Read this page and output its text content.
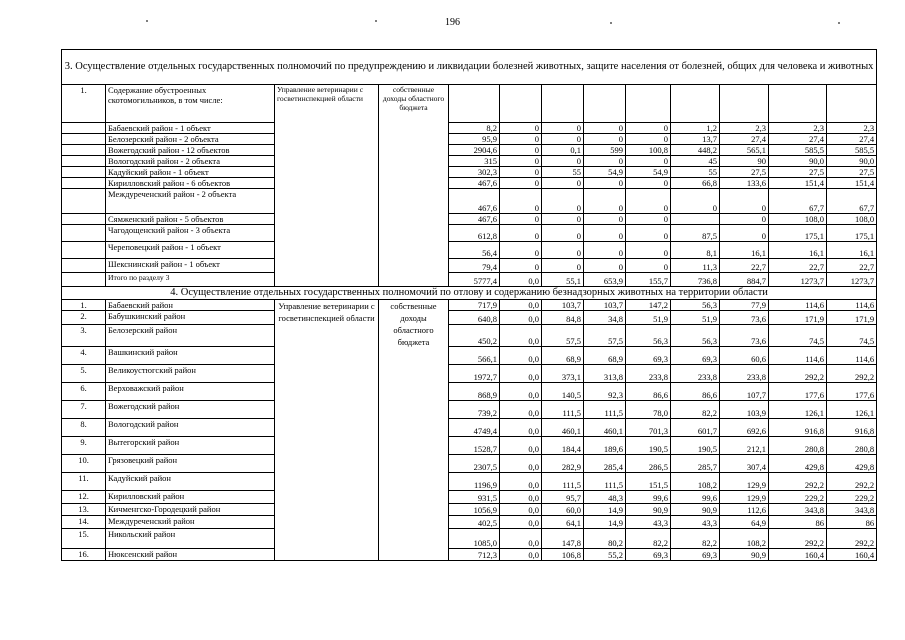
196
3. Осуществление отдельных государственных полномочий по предупреждению и ликвидации болезней животных, защите населения от болезней, общих для человека и животных												
1.	Содержание обустроенных скотомогильников, в том числе:	Управление ветеринарии с госветинспекцией области	собственные доходы областного бюджета									
	Бабаевский район - 1 объект			8,2	0	0	0	0	1,2	2,3	2,3	2,3
	Белозерский район - 2 объекта			95,9	0	0	0	0	13,7	27,4	27,4	27,4
	Вожегодский район - 12 объектов			2904,6	0	0,1	599	100,8	448,2	565,1	585,5	585,5
	Вологодский район - 2 объекта			315	0	0	0	0	45	90	90,0	90,0
	Кадуйский район - 1 объект			302,3	0	55	54,9	54,9	55	27,5	27,5	27,5
	Кирилловский район - 6 объектов			467,6	0	0	0	0	66,8	133,6	151,4	151,4
	Междуреченский район - 2 объекта			467,6	0	0	0	0	0	0	67,7	67,7
	Сямженский район - 5 объектов			467,6	0	0	0	0		0	108,0	108,0
	Чагодощенский район - 3 объекта			612,8	0	0	0	0	87,5	0	175,1	175,1
	Череповецкий район - 1 объект			56,4	0	0	0	0	8,1	16,1	16,1	16,1
	Шекснинский район - 1 объект			79,4	0	0	0	0	11,3	22,7	22,7	22,7
	Итого по разделу 3			5777,4	0,0	55,1	653,9	155,7	736,8	884,7	1273,7	1273,7
4. Осуществление отдельных государственных полномочий по отлову и содержанию безнадзорных животных на территории области												
1.	Бабаевский район	Управление ветеринарии с госветинспекцией области	собственные доходы областного бюджета	717,9	0,0	103,7	103,7	147,2	56,3	77,9	114,6	114,6
2.	Бабушкинский район			640,8	0,0	84,8	34,8	51,9	51,9	73,6	171,9	171,9
3.	Белозерский район			450,2	0,0	57,5	57,5	56,3	56,3	73,6	74,5	74,5
4.	Вашкинский район			566,1	0,0	68,9	68,9	69,3	69,3	60,6	114,6	114,6
5.	Великоустюгский район			1972,7	0,0	373,1	313,8	233,8	233,8	233,8	292,2	292,2
6.	Верховажский район			868,9	0,0	140,5	92,3	86,6	86,6	107,7	177,6	177,6
7.	Вожегодский район			739,2	0,0	111,5	111,5	78,0	82,2	103,9	126,1	126,1
8.	Вологодский район			4749,4	0,0	460,1	460,1	701,3	601,7	692,6	916,8	916,8
9.	Вытегорский район			1528,7	0,0	184,4	189,6	190,5	190,5	212,1	280,8	280,8
10.	Грязовецкий район			2307,5	0,0	282,9	285,4	286,5	285,7	307,4	429,8	429,8
11.	Кадуйский район			1196,9	0,0	111,5	111,5	151,5	108,2	129,9	292,2	292,2
12.	Кирилловский район			931,5	0,0	95,7	48,3	99,6	99,6	129,9	229,2	229,2
13.	Кичменгско-Городецкий район			1056,9	0,0	60,0	14,9	90,9	90,9	112,6	343,8	343,8
14.	Междуреченский район			402,5	0,0	64,1	14,9	43,3	43,3	64,9	86	86
15.	Никольский район			1085,0	0,0	147,8	80,2	82,2	82,2	108,2	292,2	292,2
16.	Нюксенский район			712,3	0,0	106,8	55,2	69,3	69,3	90,9	160,4	160,4
